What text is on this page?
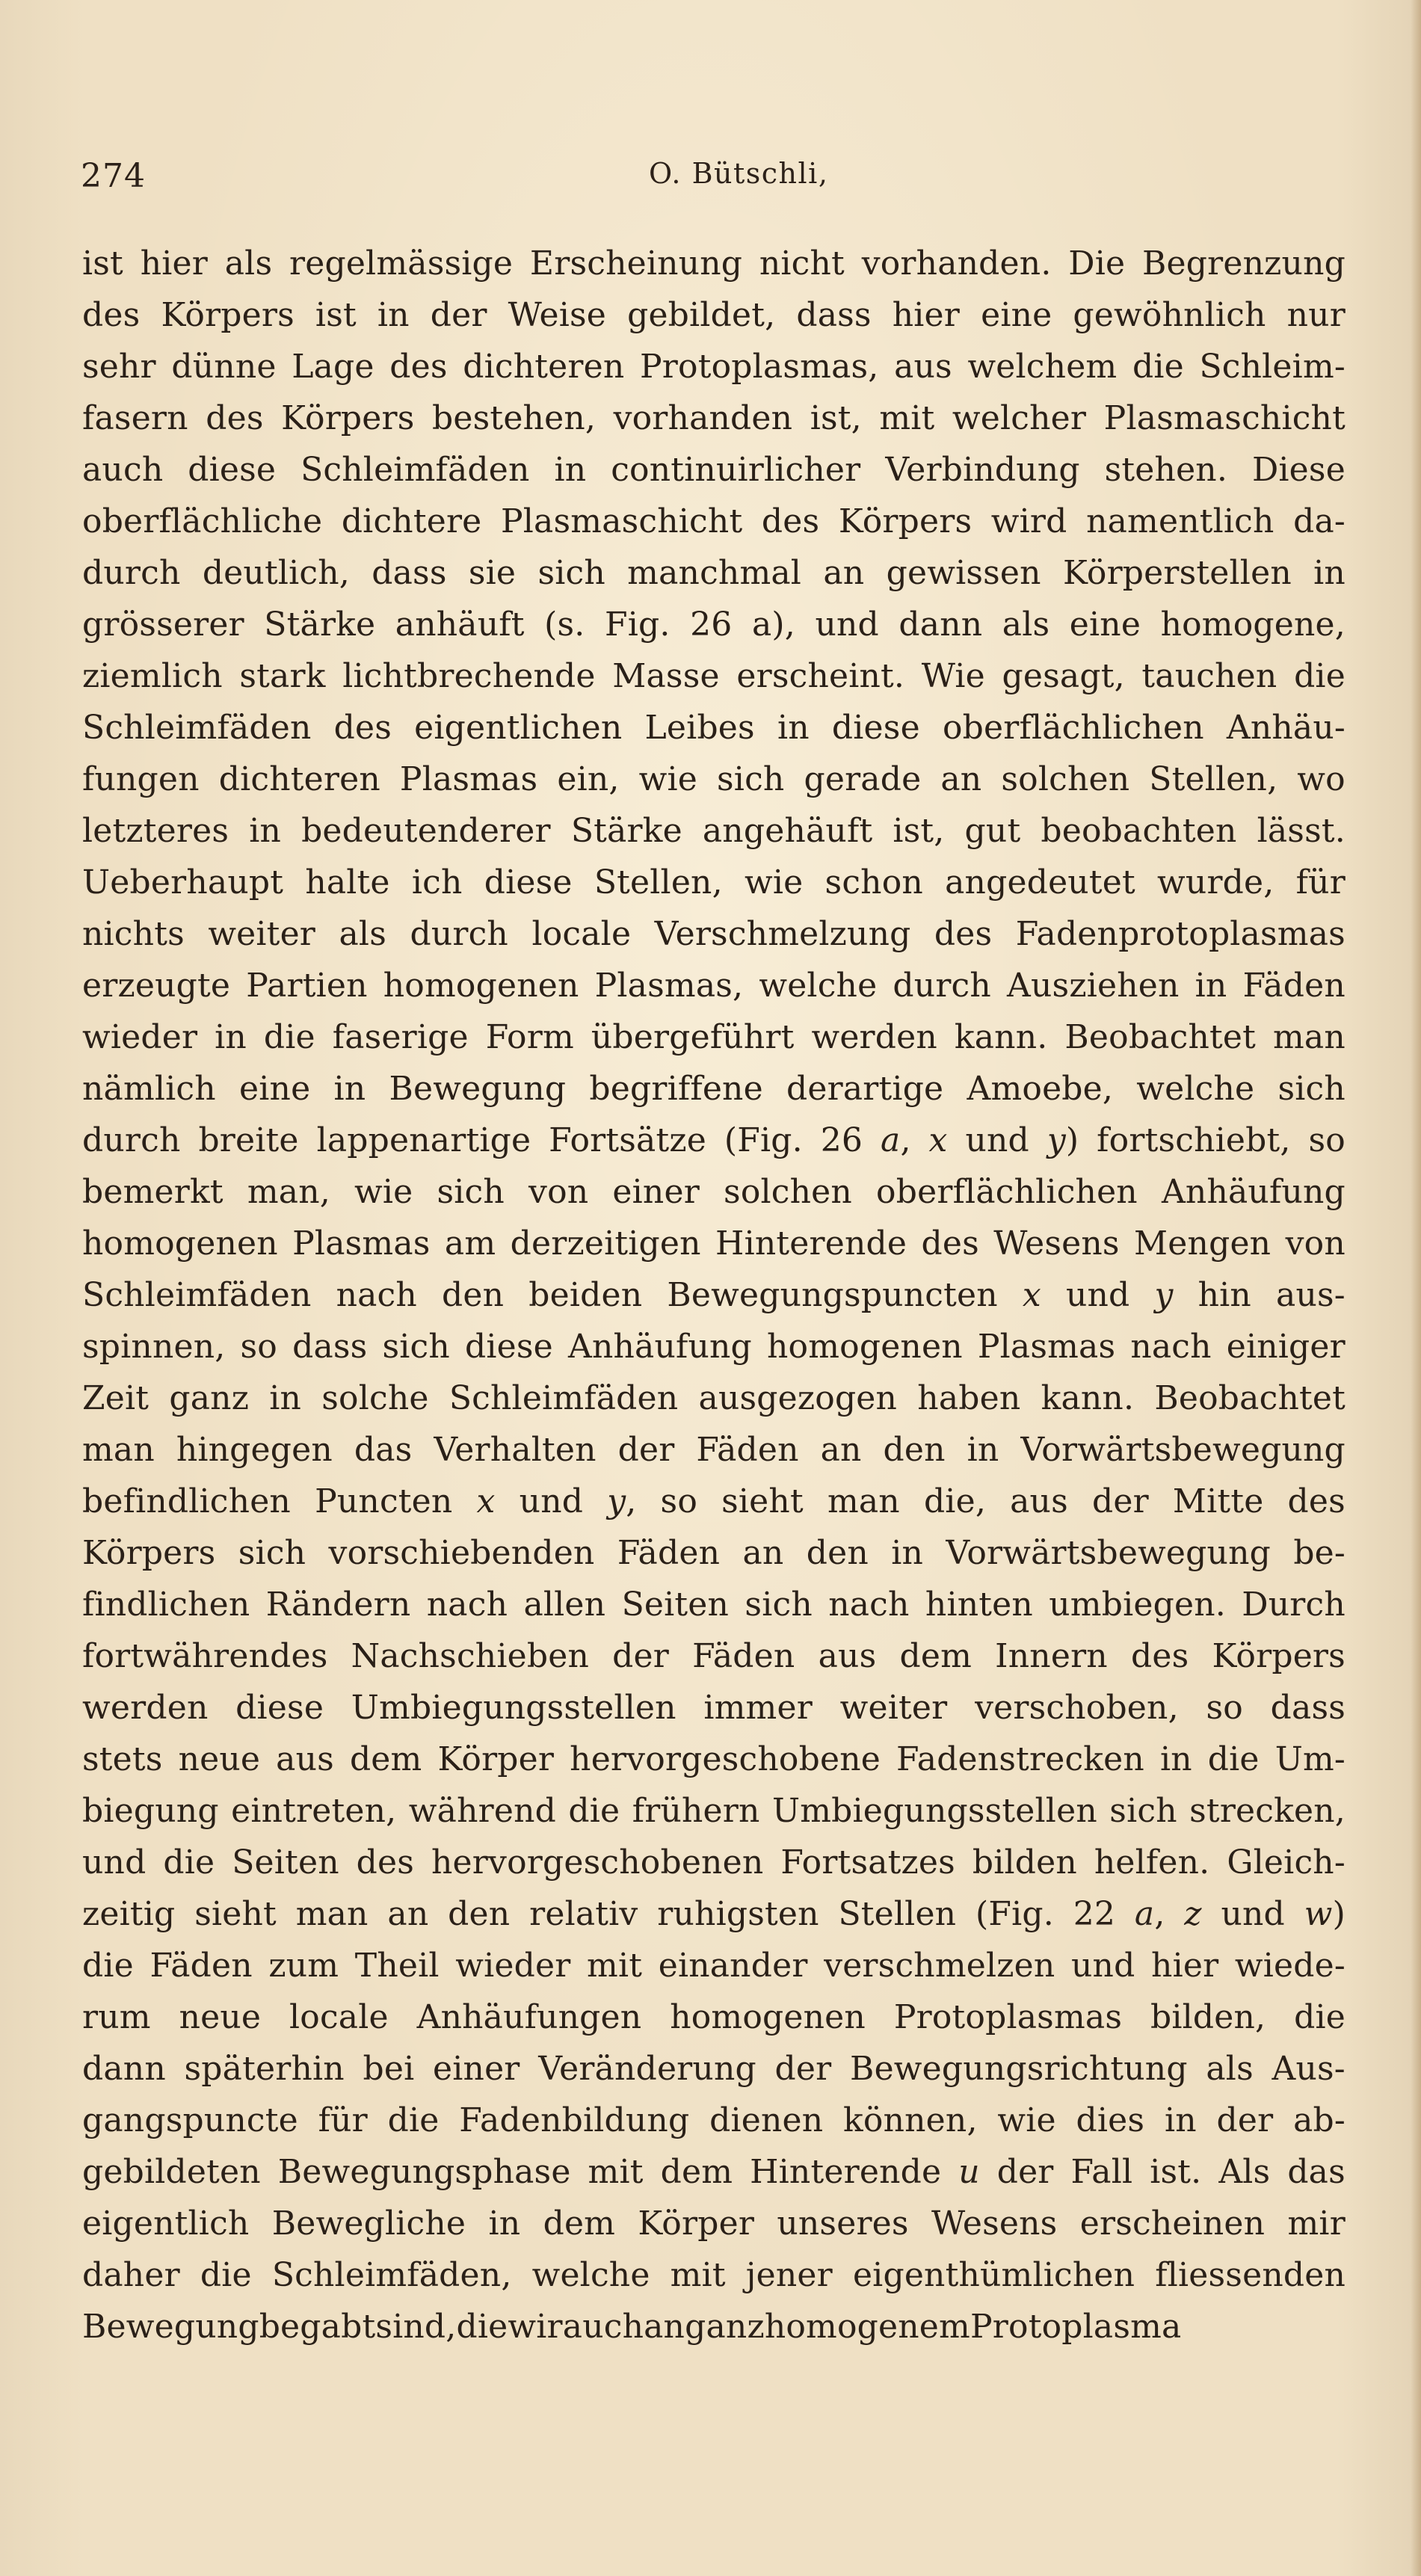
274	O. Bütschli,
ist hier als regelmässige Erscheinung nicht vorhanden. Die Begrenzung
des Körpers ist in der Weise gebildet, dass hier eine gewöhnlich nur
sehr dünne Lage des dichteren Protoplasmas, aus welchem die Schleim-
fasern des Körpers bestehen, vorhanden ist, mit welcher Plasmaschicht
auch diese Schleimfäden in continuirlicher Verbindung stehen. Diese
oberflächliche dichtere Plasmaschicht des Körpers wird namentlich da-
durch deutlich, dass sie sich manchmal an gewissen Körperstellen in
grösserer Stärke anhäuft (s. Fig. 26 a), und dann als eine homogene,
ziemlich stark lichtbrechende Masse erscheint. Wie gesagt, tauchen die
Schleimfäden des eigentlichen Leibes in diese oberflächlichen Anhäu-
fungen dichteren Plasmas ein, wie sich gerade an solchen Stellen, wo
letzteres in bedeutenderer Stärke angehäuft ist, gut beobachten lässt.
Ueberhaupt halte ich diese Stellen, wie schon angedeutet wurde, für
nichts weiter als durch locale Verschmelzung des Fadenprotoplasmas
erzeugte Partien homogenen Plasmas, welche durch Ausziehen in Fäden
wieder in die faserige Form übergeführt werden kann. Beobachtet man
nämlich eine in Bewegung begriffene derartige Amoebe, welche sich
durch breite lappenartige Fortsätze (Fig. 26 a, x und y) fortschiebt, so
bemerkt man, wie sich von einer solchen oberflächlichen Anhäufung
homogenen Plasmas am derzeitigen Hinterende des Wesens Mengen von
Schleimfäden nach den beiden Bewegungspuncten x und y hin aus-
spinnen, so dass sich diese Anhäufung homogenen Plasmas nach einiger
Zeit ganz in solche Schleimfäden ausgezogen haben kann. Beobachtet
man hingegen das Verhalten der Fäden an den in Vorwärtsbewegung
befindlichen Puncten x und y, so sieht man die, aus der Mitte des
Körpers sich vorschiebenden Fäden an den in Vorwärtsbewegung be-
findlichen Rändern nach allen Seiten sich nach hinten umbiegen. Durch
fortwährendes Nachschieben der Fäden aus dem Innern des Körpers
werden diese Umbiegungsstellen immer weiter verschoben, so dass
stets neue aus dem Körper hervorgeschobene Fadenstrecken in die Um-
biegung eintreten, während die frühern Umbiegungsstellen sich strecken,
und die Seiten des hervorgeschobenen Fortsatzes bilden helfen. Gleich-
zeitig sieht man an den relativ ruhigsten Stellen (Fig. 22 a, z und w)
die Fäden zum Theil wieder mit einander verschmelzen und hier wiede-
rum neue locale Anhäufungen homogenen Protoplasmas bilden, die
dann späterhin bei einer Veränderung der Bewegungsrichtung als Aus-
gangspuncte für die Fadenbildung dienen können, wie dies in der ab-
gebildeten Bewegungsphase mit dem Hinterende u der Fall ist. Als das
eigentlich Bewegliche in dem Körper unseres Wesens erscheinen mir
daher die Schleimfäden, welche mit jener eigenthümlichen fliessenden
Bewegung begabt sind, die wir auch an ganz homogenem Protoplasma
